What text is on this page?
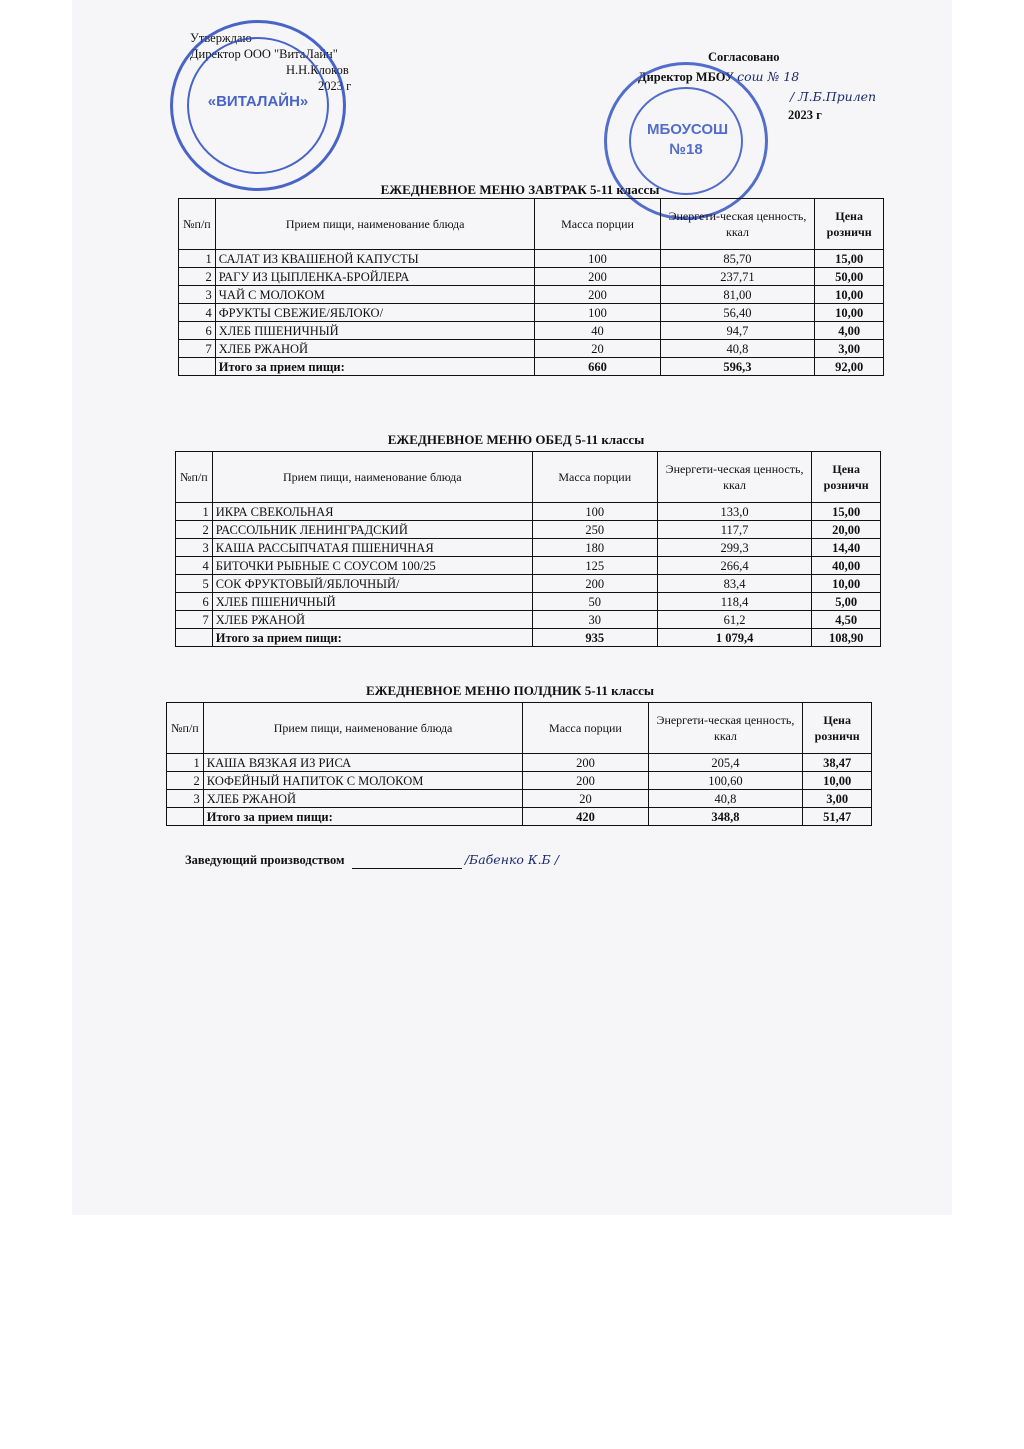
Утверждаю
Директор ООО "ВитаЛайн"
Н.Н.Клоков
2023 г
«ВИТАЛАЙН»
Согласовано
Директор МБОУ сош № 18
/ Л.Б.Прилеп
2023 г
МБОУСОШ №18
ЕЖЕДНЕВНОЕ МЕНЮ ЗАВТРАК 5-11 классы
№п/п	Прием пищи, наименование блюда	Масса порции	Энергети-ческая ценность, ккал	Цена розничн
1	САЛАТ ИЗ КВАШЕНОЙ КАПУСТЫ	100	85,70	15,00
2	РАГУ ИЗ ЦЫПЛЕНКА-БРОЙЛЕРА	200	237,71	50,00
3	ЧАЙ С МОЛОКОМ	200	81,00	10,00
4	ФРУКТЫ СВЕЖИЕ/ЯБЛОКО/	100	56,40	10,00
6	ХЛЕБ ПШЕНИЧНЫЙ	40	94,7	4,00
7	ХЛЕБ РЖАНОЙ	20	40,8	3,00
	Итого за прием пищи:	660	596,3	92,00
ЕЖЕДНЕВНОЕ МЕНЮ ОБЕД 5-11 классы
№п/п	Прием пищи, наименование блюда	Масса порции	Энергети-ческая ценность, ккал	Цена розничн
1	ИКРА СВЕКОЛЬНАЯ	100	133,0	15,00
2	РАССОЛЬНИК ЛЕНИНГРАДСКИЙ	250	117,7	20,00
3	КАША РАССЫПЧАТАЯ ПШЕНИЧНАЯ	180	299,3	14,40
4	БИТОЧКИ РЫБНЫЕ С СОУСОМ 100/25	125	266,4	40,00
5	СОК ФРУКТОВЫЙ/ЯБЛОЧНЫЙ/	200	83,4	10,00
6	ХЛЕБ ПШЕНИЧНЫЙ	50	118,4	5,00
7	ХЛЕБ РЖАНОЙ	30	61,2	4,50
	Итого за прием пищи:	935	1 079,4	108,90
ЕЖЕДНЕВНОЕ МЕНЮ ПОЛДНИК 5-11 классы
№п/п	Прием пищи, наименование блюда	Масса порции	Энергети-ческая ценность, ккал	Цена розничн
1	КАША ВЯЗКАЯ ИЗ РИСА	200	205,4	38,47
2	КОФЕЙНЫЙ НАПИТОК С МОЛОКОМ	200	100,60	10,00
3	ХЛЕБ РЖАНОЙ	20	40,8	3,00
	Итого за прием пищи:	420	348,8	51,47
Заведующий производством	/Бабенко К.Б /
